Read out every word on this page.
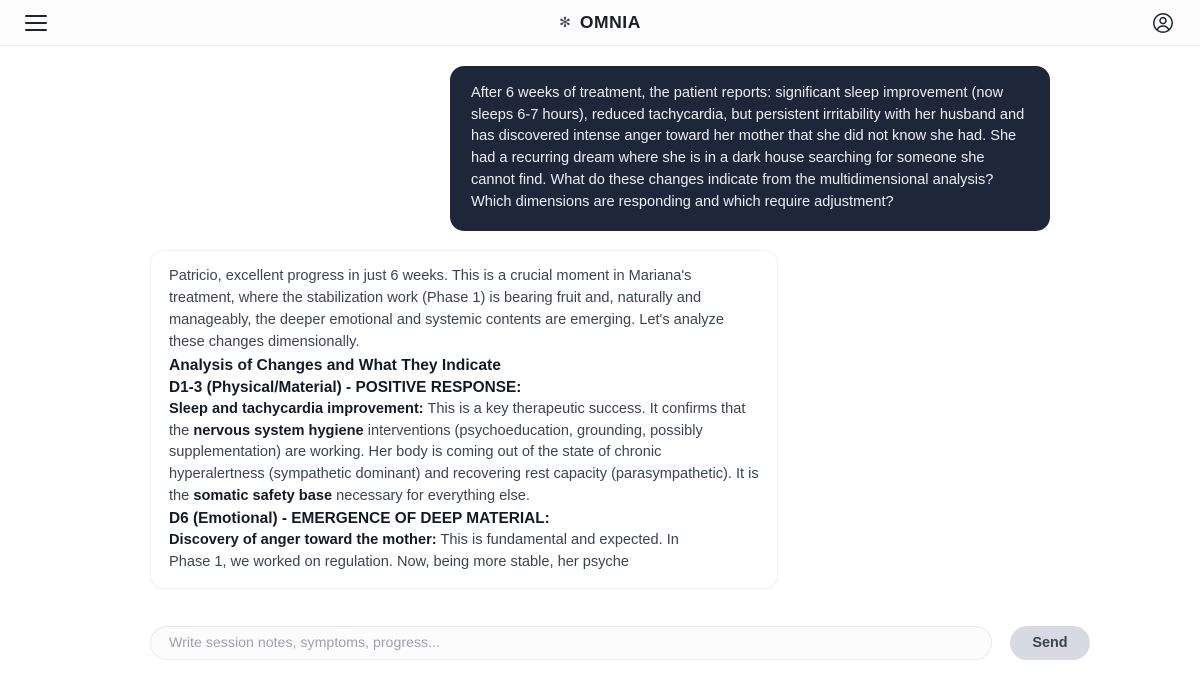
✻ OMNIA
After 6 weeks of treatment, the patient reports: significant sleep improvement (now sleeps 6-7 hours), reduced tachycardia, but persistent irritability with her husband and has discovered intense anger toward her mother that she did not know she had. She had a recurring dream where she is in a dark house searching for someone she cannot find. What do these changes indicate from the multidimensional analysis? Which dimensions are responding and which require adjustment?

Patricio, excellent progress in just 6 weeks. This is a crucial moment in Mariana's treatment, where the stabilization work (Phase 1) is bearing fruit and, naturally and manageably, the deeper emotional and systemic contents are emerging. Let's analyze these changes dimensionally.

Analysis of Changes and What They Indicate

D1-3 (Physical/Material) - POSITIVE RESPONSE:

Sleep and tachycardia improvement: This is a key therapeutic success. It confirms that the nervous system hygiene interventions (psychoeducation, grounding, possibly supplementation) are working. Her body is coming out of the state of chronic hyperalertness (sympathetic dominant) and recovering rest capacity (parasympathetic). It is the somatic safety base necessary for everything else.

D6 (Emotional) - EMERGENCE OF DEEP MATERIAL:

Discovery of anger toward the mother: This is fundamental and expected. In

Phase 1, we worked on regulation. Now, being more stable, her psyche

Write session notes, symptoms, progress...
Send
